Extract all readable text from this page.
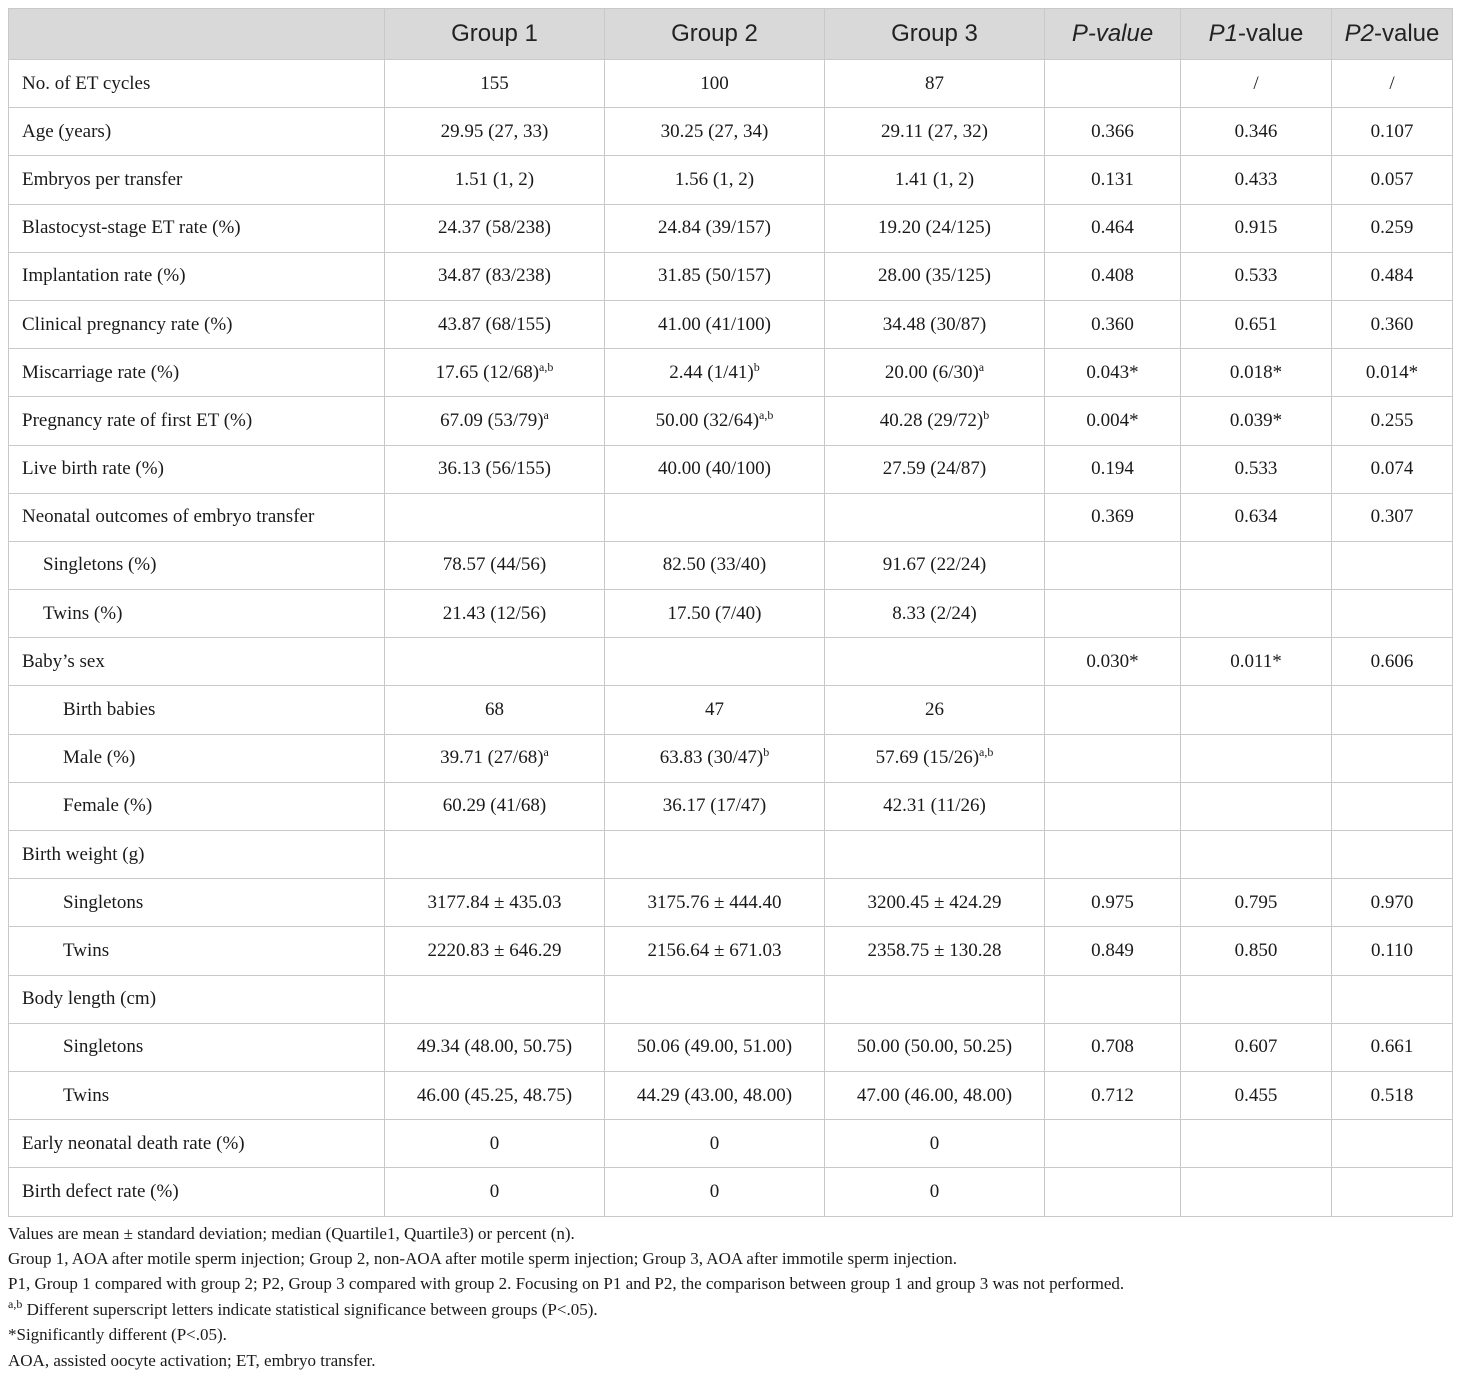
	Group 1	Group 2	Group 3	P-value	P1-value	P2-value
No. of ET cycles	155	100	87		/	/
Age (years)	29.95 (27, 33)	30.25 (27, 34)	29.11 (27, 32)	0.366	0.346	0.107
Embryos per transfer	1.51 (1, 2)	1.56 (1, 2)	1.41 (1, 2)	0.131	0.433	0.057
Blastocyst-stage ET rate (%)	24.37 (58/238)	24.84 (39/157)	19.20 (24/125)	0.464	0.915	0.259
Implantation rate (%)	34.87 (83/238)	31.85 (50/157)	28.00 (35/125)	0.408	0.533	0.484
Clinical pregnancy rate (%)	43.87 (68/155)	41.00 (41/100)	34.48 (30/87)	0.360	0.651	0.360
Miscarriage rate (%)	17.65 $(12/68)^{a,b}$	2.44 $(1/41)^b$	20.00 $(6/30)^a$	0.043*	0.018*	0.014*
Pregnancy rate of first ET (%)	67.09 $(53/79)^a$	50.00 $(32/64)^{a,b}$	40.28 $(29/72)^b$	0.004*	0.039*	0.255
Live birth rate (%)	36.13 (56/155)	40.00 (40/100)	27.59 (24/87)	0.194	0.533	0.074
Neonatal outcomes of embryo transfer				0.369	0.634	0.307
Singletons (%)	78.57 (44/56)	82.50 (33/40)	91.67 (22/24)			
Twins (%)	21.43 (12/56)	17.50 (7/40)	8.33 (2/24)			
Baby’s sex				0.030*	0.011*	0.606
Birth babies	68	47	26			
Male (%)	39.71 $(27/68)^a$	63.83 $(30/47)^b$	57.69 $(15/26)^{a,b}$			
Female (%)	60.29 (41/68)	36.17 (17/47)	42.31 (11/26)			
Birth weight (g)						
Singletons	3177.84 ± 435.03	3175.76 ± 444.40	3200.45 ± 424.29	0.975	0.795	0.970
Twins	2220.83 ± 646.29	2156.64 ± 671.03	2358.75 ± 130.28	0.849	0.850	0.110
Body length (cm)						
Singletons	49.34 (48.00, 50.75)	50.06 (49.00, 51.00)	50.00 (50.00, 50.25)	0.708	0.607	0.661
Twins	46.00 (45.25, 48.75)	44.29 (43.00, 48.00)	47.00 (46.00, 48.00)	0.712	0.455	0.518
Early neonatal death rate (%)	0	0	0			
Birth defect rate (%)	0	0	0			
Values are mean ± standard deviation; median (Quartile1, Quartile3) or percent (n).
Group 1, AOA after motile sperm injection; Group 2, non-AOA after motile sperm injection; Group 3, AOA after immotile sperm injection.
P1, Group 1 compared with group 2; P2, Group 3 compared with group 2. Focusing on P1 and P2, the comparison between group 1 and group 3 was not performed.
$^{a,b}$ Different superscript letters indicate statistical significance between groups (P<.05).
*Significantly different (P<.05).
AOA, assisted oocyte activation; ET, embryo transfer.
